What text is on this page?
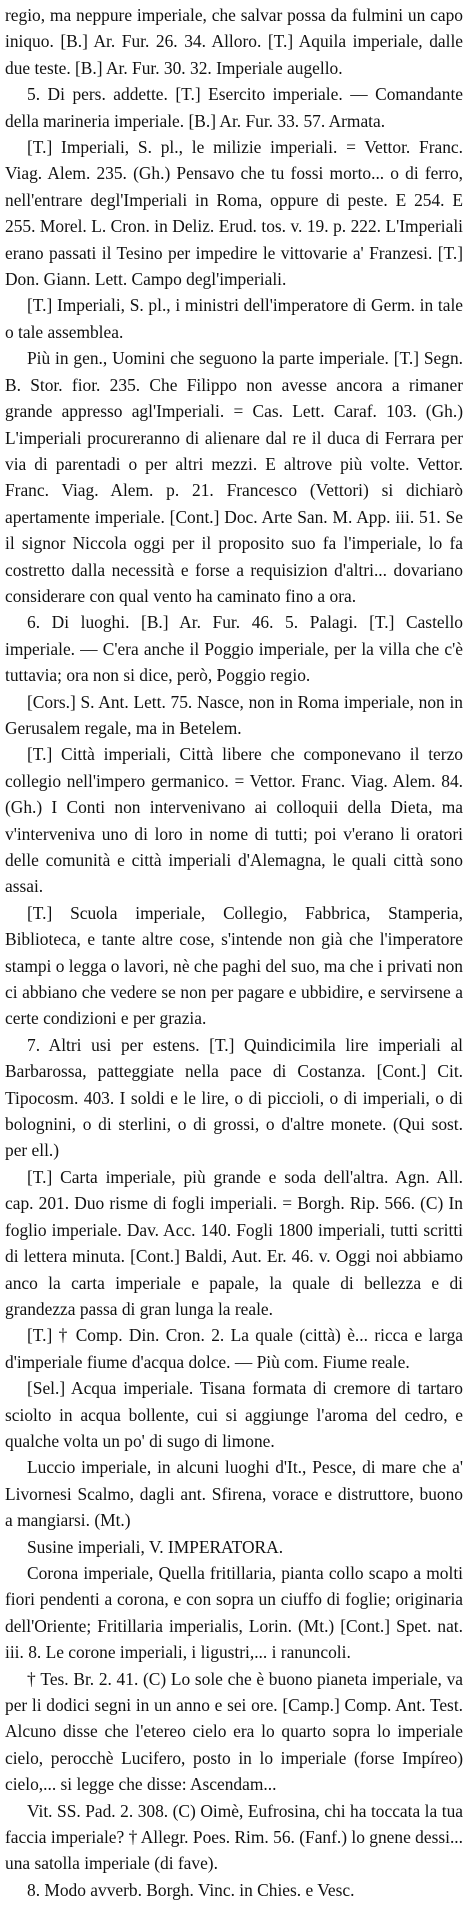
regio, ma neppure imperiale, che salvar possa da fulmini un capo iniquo. [B.] Ar. Fur. 26. 34. Alloro. [T.] Aquila imperiale, dalle due teste. [B.] Ar. Fur. 30. 32. Imperiale augello.

5. Di pers. addette. [T.] Esercito imperiale. — Comandante della marineria imperiale. [B.] Ar. Fur. 33. 57. Armata.

[T.] Imperiali, S. pl., le milizie imperiali. = Vettor. Franc. Viag. Alem. 235. (Gh.) Pensavo che tu fossi morto... o di ferro, nell'entrare degl'Imperiali in Roma, oppure di peste. E 254. E 255. Morel. L. Cron. in Deliz. Erud. tos. v. 19. p. 222. L'Imperiali erano passati il Tesino per impedire le vittovarie a' Franzesi. [T.] Don. Giann. Lett. Campo degl'imperiali.

[T.] Imperiali, S. pl., i ministri dell'imperatore di Germ. in tale o tale assemblea.

Più in gen., Uomini che seguono la parte imperiale. [T.] Segn. B. Stor. fior. 235. Che Filippo non avesse ancora a rimaner grande appresso agl'Imperiali. = Cas. Lett. Caraf. 103. (Gh.) L'imperiali procureranno di alienare dal re il duca di Ferrara per via di parentadi o per altri mezzi. E altrove più volte. Vettor. Franc. Viag. Alem. p. 21. Francesco (Vettori) si dichiarò apertamente imperiale. [Cont.] Doc. Arte San. M. App. iii. 51. Se il signor Niccola oggi per il proposito suo fa l'imperiale, lo fa costretto dalla necessità e forse a requisizion d'altri... dovariano considerare con qual vento ha caminato fino a ora.

6. Di luoghi. [B.] Ar. Fur. 46. 5. Palagi. [T.] Castello imperiale. — C'era anche il Poggio imperiale, per la villa che c'è tuttavia; ora non si dice, però, Poggio regio.

[Cors.] S. Ant. Lett. 75. Nasce, non in Roma imperiale, non in Gerusalem regale, ma in Betelem.

[T.] Città imperiali, Città libere che componevano il terzo collegio nell'impero germanico. = Vettor. Franc. Viag. Alem. 84. (Gh.) I Conti non intervenivano ai colloquii della Dieta, ma v'interveniva uno di loro in nome di tutti; poi v'erano li oratori delle comunità e città imperiali d'Alemagna, le quali città sono assai.

[T.] Scuola imperiale, Collegio, Fabbrica, Stamperia, Biblioteca, e tante altre cose, s'intende non già che l'imperatore stampi o legga o lavori, nè che paghi del suo, ma che i privati non ci abbiano che vedere se non per pagare e ubbidire, e servirsene a certe condizioni e per grazia.

7. Altri usi per estens. [T.] Quindicimila lire imperiali al Barbarossa, patteggiate nella pace di Costanza. [Cont.] Cit. Tipocosm. 403. I soldi e le lire, o di piccioli, o di imperiali, o di bolognini, o di sterlini, o di grossi, o d'altre monete. (Qui sost. per ell.)

[T.] Carta imperiale, più grande e soda dell'altra. Agn. All. cap. 201. Duo risme di fogli imperiali. = Borgh. Rip. 566. (C) In foglio imperiale. Dav. Acc. 140. Fogli 1800 imperiali, tutti scritti di lettera minuta. [Cont.] Baldi, Aut. Er. 46. v. Oggi noi abbiamo anco la carta imperiale e papale, la quale di bellezza e di grandezza passa di gran lunga la reale.

[T.] † Comp. Din. Cron. 2. La quale (città) è... ricca e larga d'imperiale fiume d'acqua dolce. — Più com. Fiume reale.

[Sel.] Acqua imperiale. Tisana formata di cremore di tartaro sciolto in acqua bollente, cui si aggiunge l'aroma del cedro, e qualche volta un po' di sugo di limone.

Luccio imperiale, in alcuni luoghi d'It., Pesce, di mare che a' Livornesi Scalmo, dagli ant. Sfirena, vorace e distruttore, buono a mangiarsi. (Mt.)

Susine imperiali, V. IMPERATORA.

Corona imperiale, Quella fritillaria, pianta collo scapo a molti fiori pendenti a corona, e con sopra un ciuffo di foglie; originaria dell'Oriente; Fritillaria imperialis, Lorin. (Mt.) [Cont.] Spet. nat. iii. 8. Le corone imperiali, i ligustri,... i ranuncoli.

† Tes. Br. 2. 41. (C) Lo sole che è buono pianeta imperiale, va per li dodici segni in un anno e sei ore. [Camp.] Comp. Ant. Test. Alcuno disse che l'etereo cielo era lo quarto sopra lo imperiale cielo, perocchè Lucifero, posto in lo imperiale (forse Impíreo) cielo,... si legge che disse: Ascendam...

Vit. SS. Pad. 2. 308. (C) Oimè, Eufrosina, chi ha toccata la tua faccia imperiale? † Allegr. Poes. Rim. 56. (Fanf.) lo gnene dessi... una satolla imperiale (di fave).

8. Modo avverb. Borgh. Vinc. in Chies. e Vesc.
